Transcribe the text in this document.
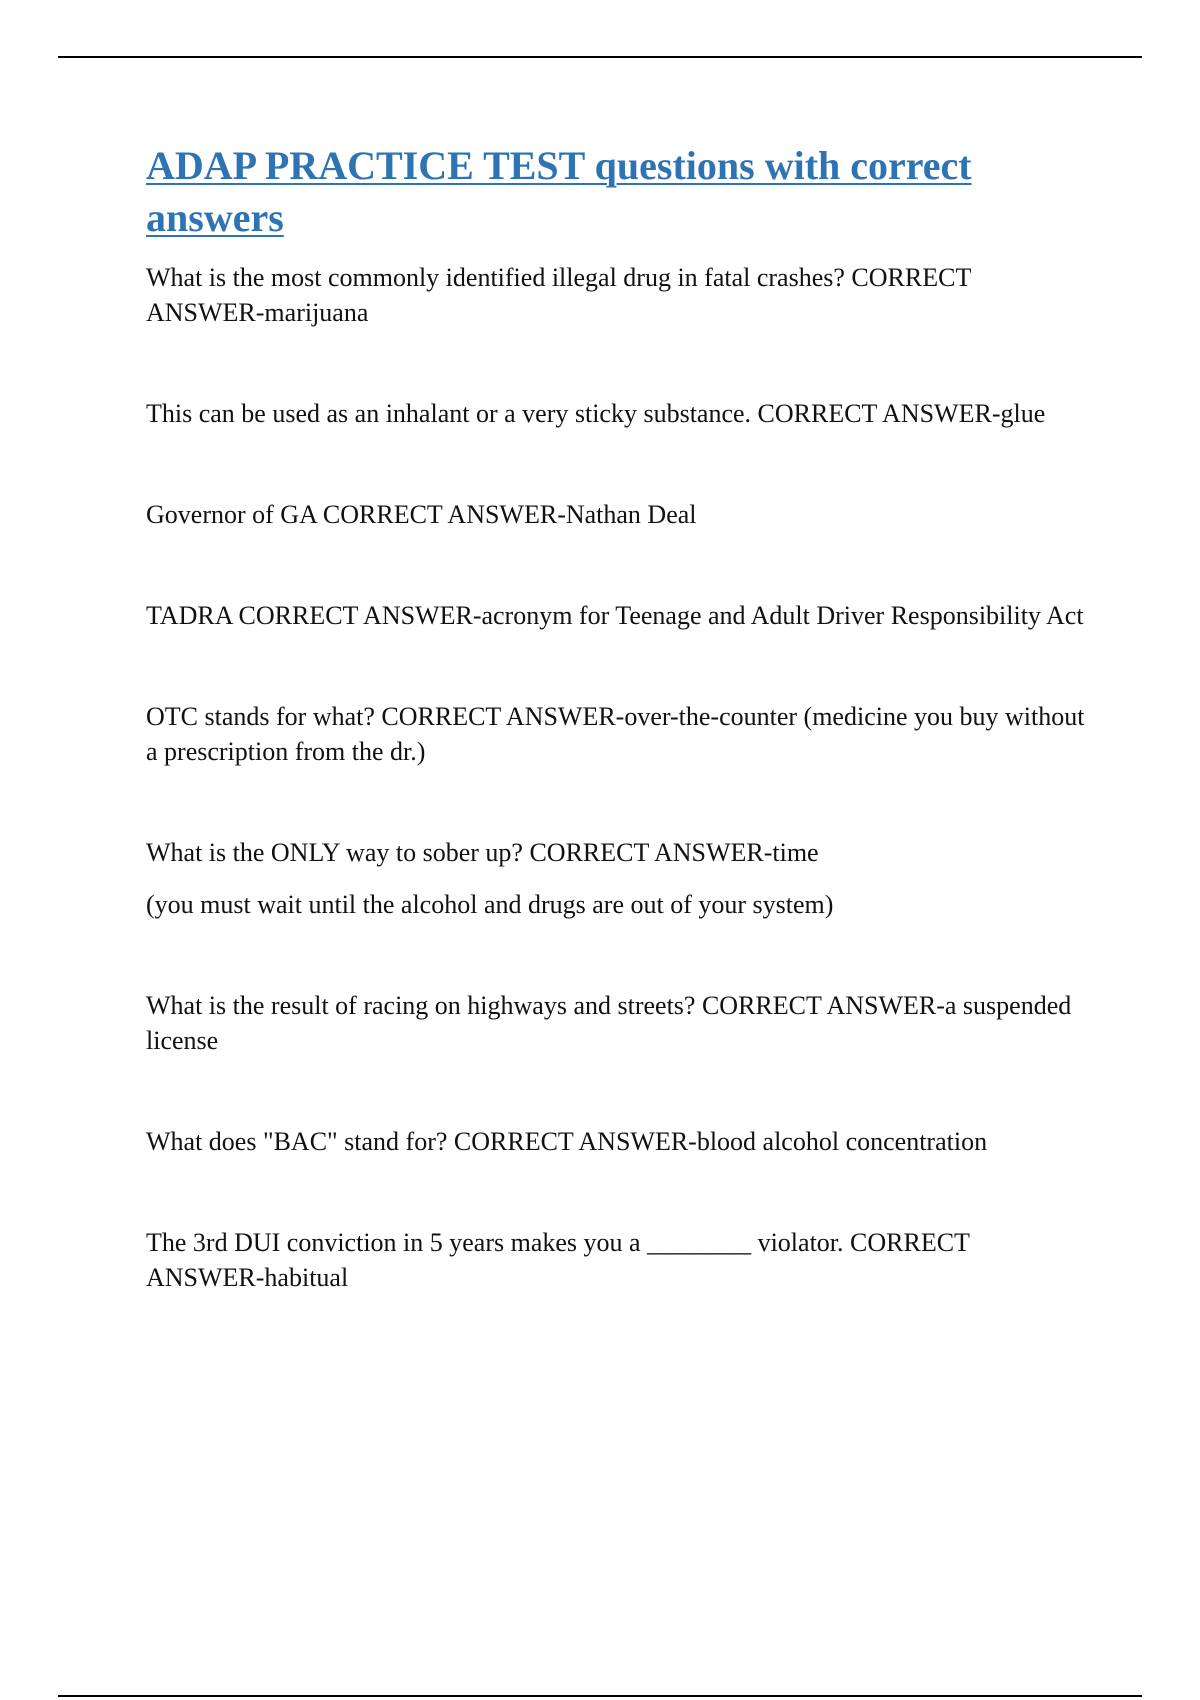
ADAP PRACTICE TEST questions with correct answers

What is the most commonly identified illegal drug in fatal crashes? CORRECT ANSWER-marijuana

This can be used as an inhalant or a very sticky substance. CORRECT ANSWER-glue

Governor of GA CORRECT ANSWER-Nathan Deal

TADRA CORRECT ANSWER-acronym for Teenage and Adult Driver Responsibility Act

OTC stands for what? CORRECT ANSWER-over-the-counter (medicine you buy without a prescription from the dr.)

What is the ONLY way to sober up? CORRECT ANSWER-time

(you must wait until the alcohol and drugs are out of your system)

What is the result of racing on highways and streets? CORRECT ANSWER-a suspended license

What does "BAC" stand for? CORRECT ANSWER-blood alcohol concentration

The 3rd DUI conviction in 5 years makes you a ________ violator. CORRECT ANSWER-habitual
